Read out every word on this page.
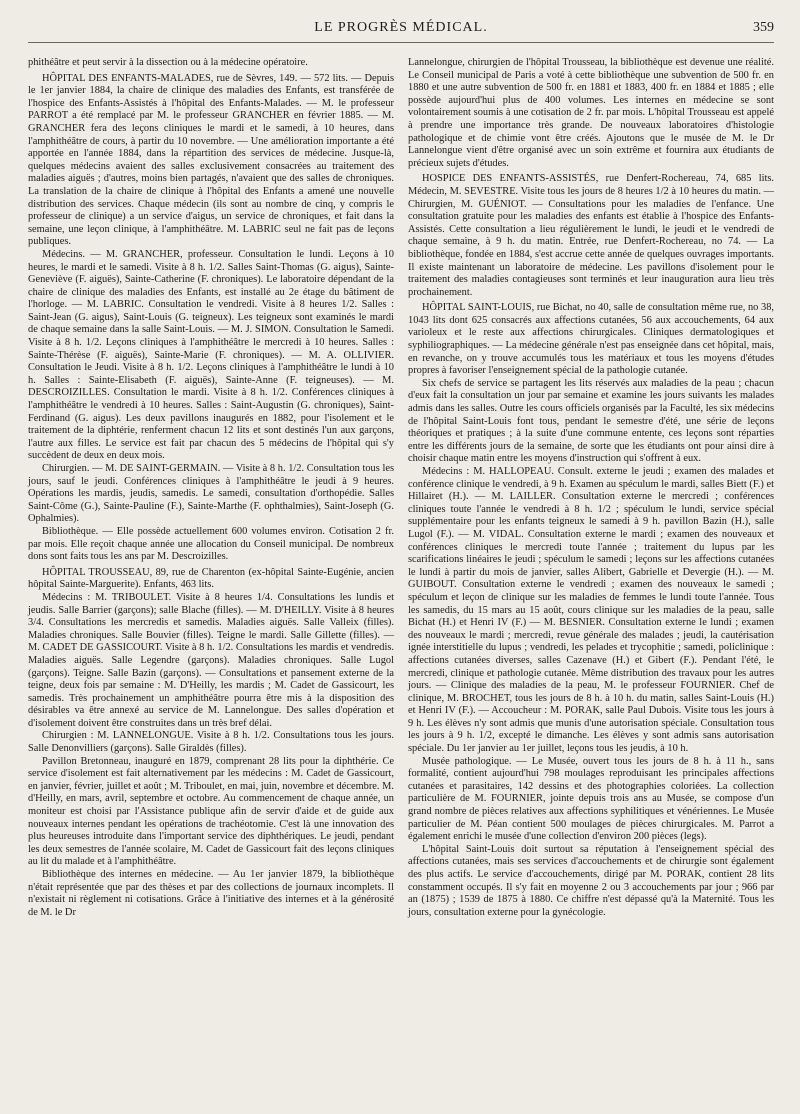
LE PROGRÈS MÉDICAL.	359

phithéâtre et peut servir à la dissection ou à la médecine opératoire.

HÔPITAL DES ENFANTS-MALADES, rue de Sèvres, 149. — 572 lits. — Depuis le 1er janvier 1884, la chaire de clinique des maladies des Enfants, est transférée de l'hospice des Enfants-Assistés à l'hôpital des Enfants-Malades. — M. le professeur PARROT a été remplacé par M. le professeur GRANCHER en février 1885. — M. GRANCHER fera des leçons cliniques le mardi et le samedi, à 10 heures, dans l'amphithéâtre de cours, à partir du 10 novembre. — Une amélioration importante a été apportée en l'année 1884, dans la répartition des services de médecine. Jusque-là, quelques médecins avaient des salles exclusivement consacrées au traitement des maladies aiguës ; d'autres, moins bien partagés, n'avaient que des salles de chroniques. La translation de la chaire de clinique à l'hôpital des Enfants a amené une nouvelle distribution des services. Chaque médecin (ils sont au nombre de cinq, y compris le professeur de clinique) a un service d'aigus, un service de chroniques, et fait dans la semaine, une leçon clinique, à l'amphithéâtre. M. LABRIC seul ne fait pas de leçons publiques.

Médecins. — M. GRANCHER, professeur. Consultation le lundi. Leçons à 10 heures, le mardi et le samedi. Visite à 8 h. 1/2. Salles Saint-Thomas (G. aigus), Sainte-Geneviève (F. aiguës), Sainte-Catherine (F. chroniques). Le laboratoire dépendant de la chaire de clinique des maladies des Enfants, est installé au 2e étage du bâtiment de l'horloge. — M. LABRIC. Consultation le vendredi. Visite à 8 heures 1/2. Salles : Saint-Jean (G. aigus), Saint-Louis (G. teigneux). Les teigneux sont examinés le mardi de chaque semaine dans la salle Saint-Louis. — M. J. SIMON. Consultation le Samedi. Visite à 8 h. 1/2. Leçons cliniques à l'amphithéâtre le mercredi à 10 heures. Salles : Sainte-Thérèse (F. aiguës), Sainte-Marie (F. chroniques). — M. A. OLLIVIER. Consultation le Jeudi. Visite à 8 h. 1/2. Leçons cliniques à l'amphithéâtre le lundi à 10 h. Salles : Sainte-Elisabeth (F. aiguës), Sainte-Anne (F. teigneuses). — M. DESCROIZILLES. Consultation le mardi. Visite à 8 h. 1/2. Conférences cliniques à l'amphithéâtre le vendredi à 10 heures. Salles : Saint-Augustin (G. chroniques), Saint-Ferdinand (G. aigus). Les deux pavillons inaugurés en 1882, pour l'isolement et le traitement de la diphtérie, renferment chacun 12 lits et sont destinés l'un aux garçons, l'autre aux filles. Le service est fait par chacun des 5 médecins de l'hôpital qui s'y succèdent de deux en deux mois.

Chirurgien. — M. DE SAINT-GERMAIN. — Visite à 8 h. 1/2. Consultation tous les jours, sauf le jeudi. Conférences cliniques à l'amphithéâtre le jeudi à 9 heures. Opérations les mardis, jeudis, samedis. Le samedi, consultation d'orthopédie. Salles Saint-Côme (G.), Sainte-Pauline (F.), Sainte-Marthe (F. ophthalmies), Saint-Joseph (G. Ophalmies).

Bibliothèque. — Elle possède actuellement 600 volumes environ. Cotisation 2 fr. par mois. Elle reçoit chaque année une allocation du Conseil municipal. De nombreux dons sont faits tous les ans par M. Descroizilles.

HÔPITAL TROUSSEAU, 89, rue de Charenton (ex-hôpital Sainte-Eugénie, ancien hôpital Sainte-Marguerite). Enfants, 463 lits.

Médecins : M. TRIBOULET. Visite à 8 heures 1/4. Consultations les lundis et jeudis. Salle Barrier (garçons); salle Blache (filles). — M. D'HEILLY. Visite à 8 heures 3/4. Consultations les mercredis et samedis. Maladies aiguës. Salle Valleix (filles). Maladies chroniques. Salle Bouvier (filles). Teigne le mardi. Salle Gillette (filles). — M. CADET DE GASSICOURT. Visite à 8 h. 1/2. Consultations les mardis et vendredis. Maladies aiguës. Salle Legendre (garçons). Maladies chroniques. Salle Lugol (garçons). Teigne. Salle Bazin (garçons). — Consultations et pansement externe de la teigne, deux fois par semaine : M. D'Heilly, les mardis ; M. Cadet de Gassicourt, les samedis. Très prochainement un amphithéâtre pourra être mis à la disposition des désirables va être annexé au service de M. Lannelongue. Des salles d'opération et d'isolement doivent être construites dans un très bref délai.

Chirurgien : M. LANNELONGUE. Visite à 8 h. 1/2. Consultations tous les jours. Salle Denonvilliers (garçons). Salle Giraldès (filles).

Pavillon Bretonneau, inauguré en 1879, comprenant 28 lits pour la diphthérie. Ce service d'isolement est fait alternativement par les médecins : M. Cadet de Gassicourt, en janvier, février, juillet et août ; M. Triboulet, en mai, juin, novembre et décembre. M. d'Heilly, en mars, avril, septembre et octobre. Au commencement de chaque année, un moniteur est choisi par l'Assistance publique afin de servir d'aide et de guide aux nouveaux internes pendant les opérations de trachéotomie. C'est là une innovation des plus heureuses introduite dans l'important service des diphthériques. Le jeudi, pendant les deux semestres de l'année scolaire, M. Cadet de Gassicourt fait des leçons cliniques au lit du malade et à l'amphithéâtre.

Bibliothèque des internes en médecine. — Au 1er janvier 1879, la bibliothèque n'était représentée que par des thèses et par des collections de journaux incomplets. Il n'existait ni règlement ni cotisations. Grâce à l'initiative des internes et à la générosité de M. le Dr

Lannelongue, chirurgien de l'hôpital Trousseau, la bibliothèque est devenue une réalité. Le Conseil municipal de Paris a voté à cette bibliothèque une subvention de 500 fr. en 1880 et une autre subvention de 500 fr. en 1881 et 1883, 400 fr. en 1884 et 1885 ; elle possède aujourd'hui plus de 400 volumes. Les internes en médecine se sont volontairement soumis à une cotisation de 2 fr. par mois. L'hôpital Trousseau est appelé à prendre une importance très grande. De nouveaux laboratoires d'histologie pathologique et de chimie vont être créés. Ajoutons que le musée de M. le Dr Lannelongue vient d'être organisé avec un soin extrême et fournira aux étudiants de précieux sujets d'études.

HOSPICE DES ENFANTS-ASSISTÉS, rue Denfert-Rochereau, 74, 685 lits. Médecin, M. SEVESTRE. Visite tous les jours de 8 heures 1/2 à 10 heures du matin. — Chirurgien, M. GUÉNIOT. — Consultations pour les maladies de l'enfance. Une consultation gratuite pour les maladies des enfants est établie à l'hospice des Enfants-Assistés. Cette consultation a lieu régulièrement le lundi, le jeudi et le vendredi de chaque semaine, à 9 h. du matin. Entrée, rue Denfert-Rochereau, no 74. — La bibliothèque, fondée en 1884, s'est accrue cette année de quelques ouvrages importants. Il existe maintenant un laboratoire de médecine. Les pavillons d'isolement pour le traitement des maladies contagieuses sont terminés et leur inauguration aura lieu très prochainement.

HÔPITAL SAINT-LOUIS, rue Bichat, no 40, salle de consultation même rue, no 38, 1043 lits dont 625 consacrés aux affections cutanées, 56 aux accouchements, 64 aux varioleux et le reste aux affections chirurgicales. Cliniques dermatologiques et syphiliographiques. — La médecine générale n'est pas enseignée dans cet hôpital, mais, en revanche, on y trouve accumulés tous les matériaux et tous les moyens d'études propres à favoriser l'enseignement spécial de la pathologie cutanée.

Six chefs de service se partagent les lits réservés aux maladies de la peau ; chacun d'eux fait la consultation un jour par semaine et examine les jours suivants les malades admis dans les salles. Outre les cours officiels organisés par la Faculté, les six médecins de l'hôpital Saint-Louis font tous, pendant le semestre d'été, une série de leçons théoriques et pratiques ; à la suite d'une commune entente, ces leçons sont réparties entre les différents jours de la semaine, de sorte que les étudiants ont pour ainsi dire à choisir chaque matin entre les moyens d'instruction qui s'offrent à eux.

Médecins : M. HALLOPEAU. Consult. externe le jeudi ; examen des malades et conférence clinique le vendredi, à 9 h. Examen au spéculum le mardi, salles Biett (F.) et Hillairet (H.). — M. LAILLER. Consultation externe le mercredi ; conférences cliniques toute l'année le vendredi à 8 h. 1/2 ; spéculum le lundi, service spécial supplémentaire pour les enfants teigneux le samedi à 9 h. pavillon Bazin (H.), salle Lugol (F.). — M. VIDAL. Consultation externe le mardi ; examen des nouveaux et conférences cliniques le mercredi toute l'année ; traitement du lupus par les scarifications linéaires le jeudi ; spéculum le samedi ; leçons sur les affections cutanées le lundi à partir du mois de janvier, salles Alibert, Gabrielle et Devergie (H.). — M. GUIBOUT. Consultation externe le vendredi ; examen des nouveaux le samedi ; spéculum et leçon de clinique sur les maladies de femmes le lundi toute l'année. Tous les samedis, du 15 mars au 15 août, cours clinique sur les maladies de la peau, salle Bichat (H.) et Henri IV (F.) — M. BESNIER. Consultation externe le lundi ; examen des nouveaux le mardi ; mercredi, revue générale des malades ; jeudi, la cautérisation ignée interstitielle du lupus ; vendredi, les pelades et trycophitie ; samedi, policlinique : affections cutanées diverses, salles Cazenave (H.) et Gibert (F.). Pendant l'été, le mercredi, clinique et pathologie cutanée. Même distribution des travaux pour les autres jours. — Clinique des maladies de la peau, M. le professeur FOURNIER. Chef de clinique, M. BROCHET, tous les jours de 8 h. à 10 h. du matin, salles Saint-Louis (H.) et Henri IV (F.). — Accoucheur : M. PORAK, salle Paul Dubois. Visite tous les jours à 9 h. Les élèves n'y sont admis que munis d'une autorisation spéciale. Consultation tous les jours à 9 h. 1/2, excepté le dimanche. Les élèves y sont admis sans autorisation spéciale. Du 1er janvier au 1er juillet, leçons tous les jeudis, à 10 h.

Musée pathologique. — Le Musée, ouvert tous les jours de 8 h. à 11 h., sans formalité, contient aujourd'hui 798 moulages reproduisant les principales affections cutanées et parasitaires, 142 dessins et des photographies coloriées. La collection particulière de M. FOURNIER, jointe depuis trois ans au Musée, se compose d'un grand nombre de pièces relatives aux affections syphilitiques et vénériennes. Le Musée particulier de M. Péan contient 500 moulages de pièces chirurgicales. M. Parrot a également enrichi le musée d'une collection d'environ 200 pièces (legs).

L'hôpital Saint-Louis doit surtout sa réputation à l'enseignement spécial des affections cutanées, mais ses services d'accouchements et de chirurgie sont également des plus actifs. Le service d'accouchements, dirigé par M. PORAK, contient 28 lits constamment occupés. Il s'y fait en moyenne 2 ou 3 accouchements par jour ; 966 par an (1875) ; 1539 de 1875 à 1880. Ce chiffre n'est dépassé qu'à la Maternité. Tous les jours, consultation externe pour la gynécologie.
